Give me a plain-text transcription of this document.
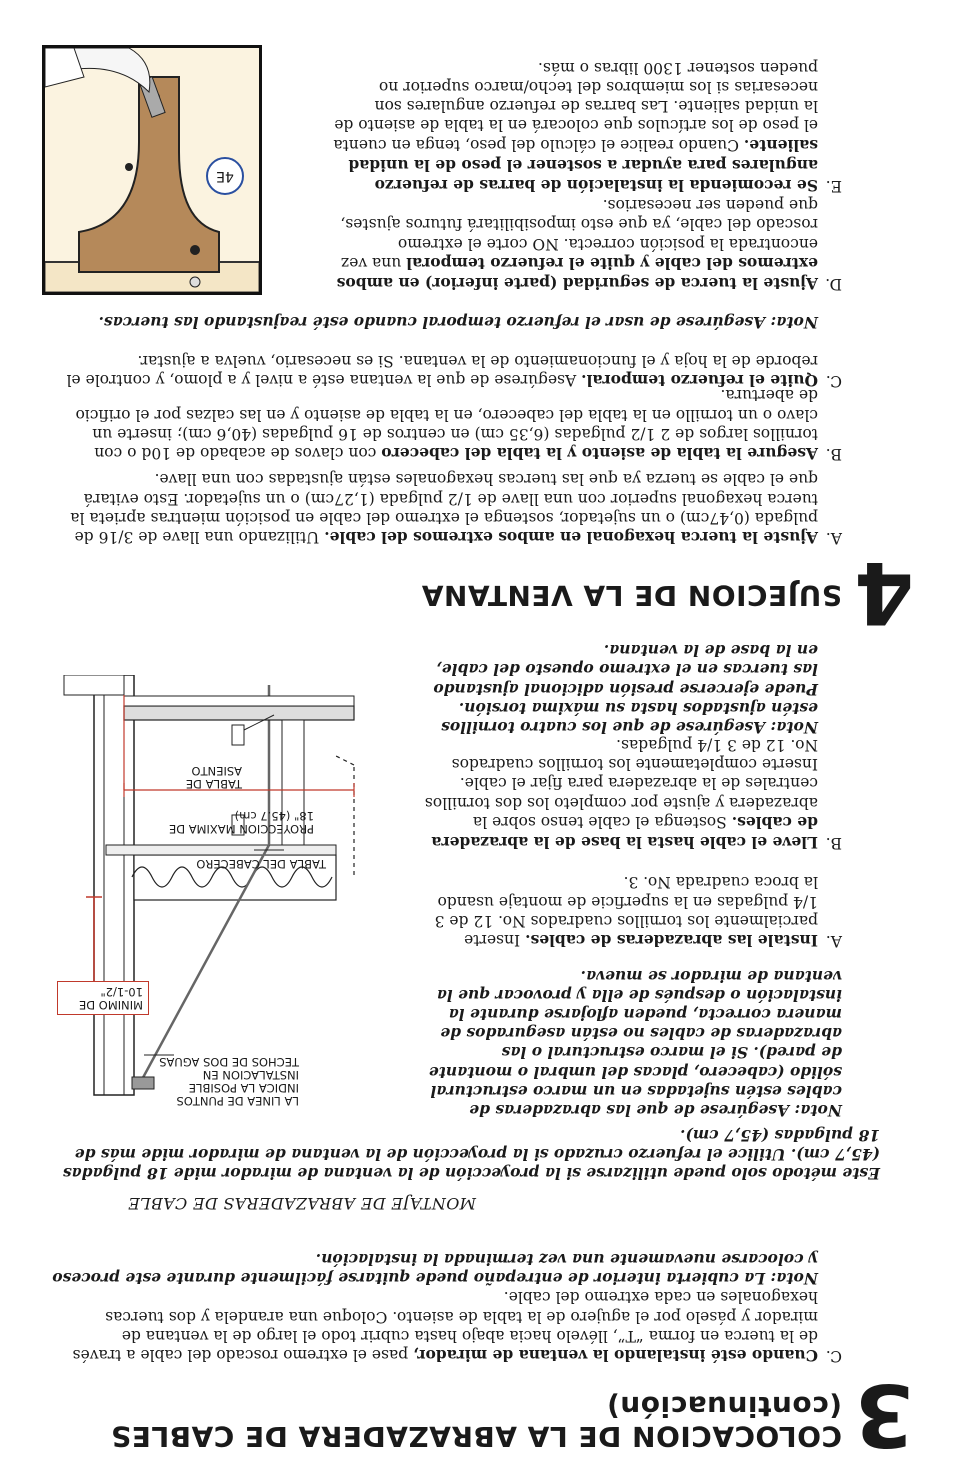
3
COLOCACION DE LA ABRAZADERA DE CABLES
(continuación)
C.
Cuando esté instalando la ventana de mirador, pase el extremo roscado del cable a través de la tuerca en forma “T”, llévelo hacia abajo hasta cubrir todo el largo de la ventana de mirador y páselo por el agujero de la tabla de asiento. Coloque una arandela y dos tuercas hexagonales en cada extremo del cable.
Nota: La cubierta interior de entrepaño puede quitarse fácilmente durante este proceso y colocarse nuevamente una vez terminada la instalación.
MONTAJE DE ABRAZADERAS DE CABLE
Este método solo puede utilizarse si la proyección de la ventana de mirador mide 18 pulgadas (45,7 cm). Utilice el refuerzo cruzado si la proyección de la ventana de mirador mide más de 18 pulgadas (45,7 cm).
LA LINEA DE PUNTOS INDICA LA POSIBLE INSTALACION EN TECHOS DE DOS AGUAS
MINIMO DE 10-1/2"
TABLA DEL CABECERO
PROYECCION MAXIMA DE 18" (45.7 cm)
TABLA DE ASIENTO
Nota: Asegúrese de que las abrazaderas de cables estén sujetadas en un marco estructural sólido (cabecero, placas del umbral o montante de pared). Si el marco estructural o las abrazaderas de cables no están asegurados de manera correcta, pueden aflojarse durante la instalación o después de ella y provocar que la ventana de mirador se mueva.
A.
Instale las abrazaderas de cables. Inserte parcialmente los tornillos cuadrados No. 12 de 3 1/4 pulgadas en la superficie de montaje usando la broca cuadrada No. 3.
B.
Lleve el cable hasta la base de la abrazadera de cables. Sostenga el cable tenso sobre la abrazadera y ajuste por completo los dos tornillos centrales de la abrazadera para fijar el cable. Inserte completamente los tornillos cuadrados No. 12 de 3 1/4 pulgadas.
Nota: Asegúrese de que los cuatro tornillos estén ajustados hasta su máxima torsión. Puede ejercerse presión adicional ajustando las tuercas en el extremo opuesto del cable, en la base de la ventana.
4
SUJECION DE LA VENTANA
A.
Ajuste la tuerca hexagonal en ambos extremos del cable. Utilizando una llave de 3/16 de pulgada (0,47cm) o un sujetador, sostenga el extremo del cable en posición mientras aprieta la tuerca hexagonal superior con una llave de 1/2 pulgada (1,27cm) o un sujetador. Esto evitará que el cable se tuerza ya que las tuercas hexagonales están ajustadas con una llave.
B.
Asegure la tabla de asiento y la tabla del cabecero con clavos de acabado de 10d o con tornillos largos de 2 1/2 pulgadas (6,35 cm) en centros de 16 pulgadas (40,6 cm); inserte un clavo o un tornillo en la tabla del cabecero, en la tabla de asiento y en las calzas por el orificio de abertura.
C.
Quite el refuerzo temporal. Asegúrese de que la ventana esté a nivel y a plomo, y controle el reborde de la hoja y el funcionamiento de la ventana. Si es necesario, vuelva a ajustar.
Nota: Asegúrese de usar el refuerzo temporal cuando esté reajustando las tuercas.
D.
Ajuste la tuerca de seguridad (parte inferior) en ambos extremos del cable y quite el refuerzo temporal una vez encontrada la posición correcta. NO corte el extremo roscado del cable, ya que esto imposibilitará futuros ajustes, que pueden ser necesarios.
E.
Se recomienda la instalación de barras de refuerzo angulares para ayudar a sostener el peso de la unidad saliente. Cuando realice el cálculo del peso, tenga en cuenta el peso de los artículos que colocará en la tabla de asiento de la unidad saliente. Las barras de refuerzo angulares son necesarias si los miembros del techo/marco superior no pueden sostener 1300 libras o más.
4E
